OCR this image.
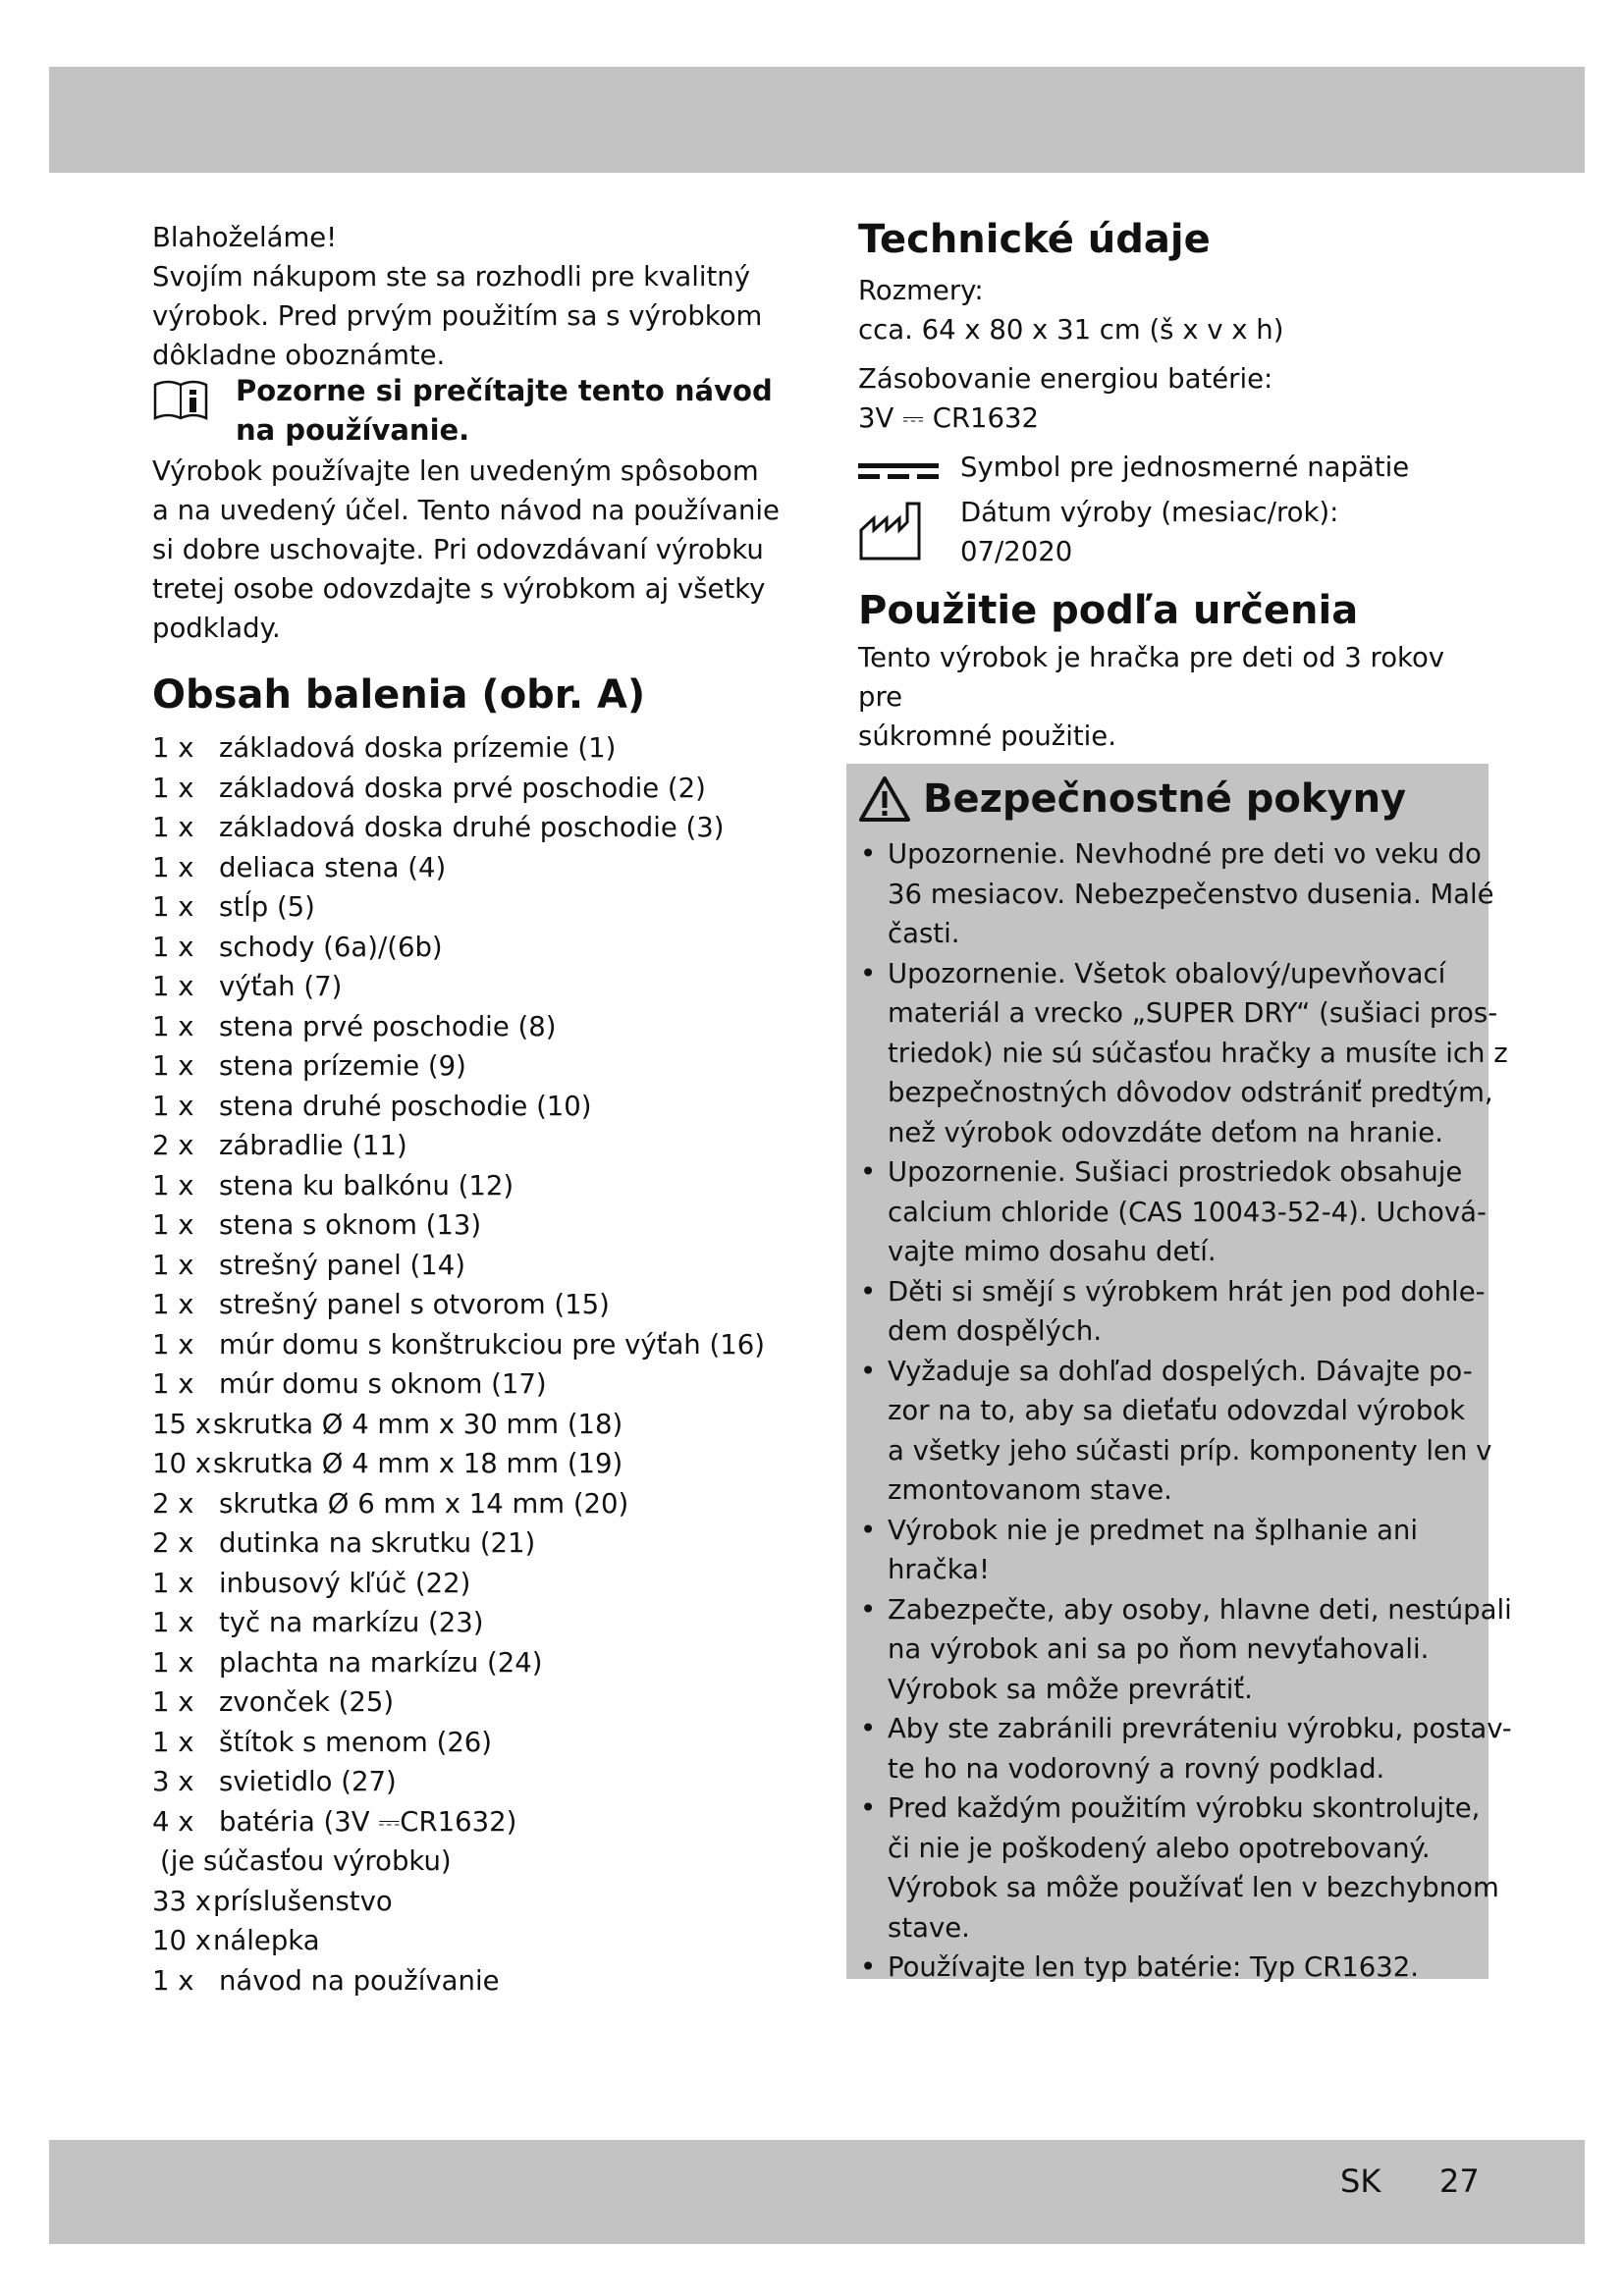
Blahoželáme!

Svojím nákupom ste sa rozhodli pre kvalitný

výrobok. Pred prvým použitím sa s výrobkom

dôkladne oboznámte.

Pozorne si prečítajte tento návod
na používanie.

Výrobok používajte len uvedeným spôsobom

a na uvedený účel. Tento návod na používanie

si dobre uschovajte. Pri odovzdávaní výrobku

tretej osobe odovzdajte s výrobkom aj všetky

podklady.

Obsah balenia (obr. A)
1 x základová doska prízemie (1)
1 x základová doska prvé poschodie (2)
1 x základová doska druhé poschodie (3)
1 x deliaca stena (4)
1 x stĺp (5)
1 x schody (6a)/(6b)
1 x výťah (7)
1 x stena prvé poschodie (8)
1 x stena prízemie (9)
1 x stena druhé poschodie (10)
2 x zábradlie (11)
1 x stena ku balkónu (12)
1 x stena s oknom (13)
1 x strešný panel (14)
1 x strešný panel s otvorom (15)
1 x múr domu s konštrukciou pre výťah (16)
1 x múr domu s oknom (17)
15 x skrutka Ø 4 mm x 30 mm (18)
10 x skrutka Ø 4 mm x 18 mm (19)
2 x skrutka Ø 6 mm x 14 mm (20)
2 x dutinka na skrutku (21)
1 x inbusový kľúč (22)
1 x tyč na markízu (23)
1 x plachta na markízu (24)
1 x zvonček (25)
1 x štítok s menom (26)
3 x svietidlo (27)
4 x batéria (3V ⎓CR1632)
(je súčasťou výrobku)
33 x príslušenstvo
10 x nálepka
1 x návod na používanie
Technické údaje

Rozmery:

cca. 64 x 80 x 31 cm (š x v x h)

Zásobovanie energiou batérie:

3V ⎓ CR1632

Symbol pre jednosmerné napätie
Dátum výroby (mesiac/rok):
07/2020
Použitie podľa určenia

Tento výrobok je hračka pre deti od 3 rokov pre

súkromné použitie.

Bezpečnostné pokyny
• Upozornenie. Nevhodné pre deti vo veku do
36 mesiacov. Nebezpečenstvo dusenia. Malé
časti.
• Upozornenie. Všetok obalový/upevňovací
materiál a vrecko „SUPER DRY“ (sušiaci pros-
triedok) nie sú súčasťou hračky a musíte ich z
bezpečnostných dôvodov odstrániť predtým,
než výrobok odovzdáte deťom na hranie.
• Upozornenie. Sušiaci prostriedok obsahuje
calcium chloride (CAS 10043-52-4). Uchová-
vajte mimo dosahu detí.
• Děti si smějí s výrobkem hrát jen pod dohle-
dem dospělých.
• Vyžaduje sa dohľad dospelých. Dávajte po-
zor na to, aby sa dieťaťu odovzdal výrobok
a všetky jeho súčasti príp. komponenty len v
zmontovanom stave.
• Výrobok nie je predmet na šplhanie ani
hračka!
• Zabezpečte, aby osoby, hlavne deti, nestúpali
na výrobok ani sa po ňom nevyťahovali.
Výrobok sa môže prevrátiť.
• Aby ste zabránili prevráteniu výrobku, postav-
te ho na vodorovný a rovný podklad.
• Pred každým použitím výrobku skontrolujte,
či nie je poškodený alebo opotrebovaný.
Výrobok sa môže používať len v bezchybnom
stave.
• Používajte len typ batérie: Typ CR1632.
SK 27
